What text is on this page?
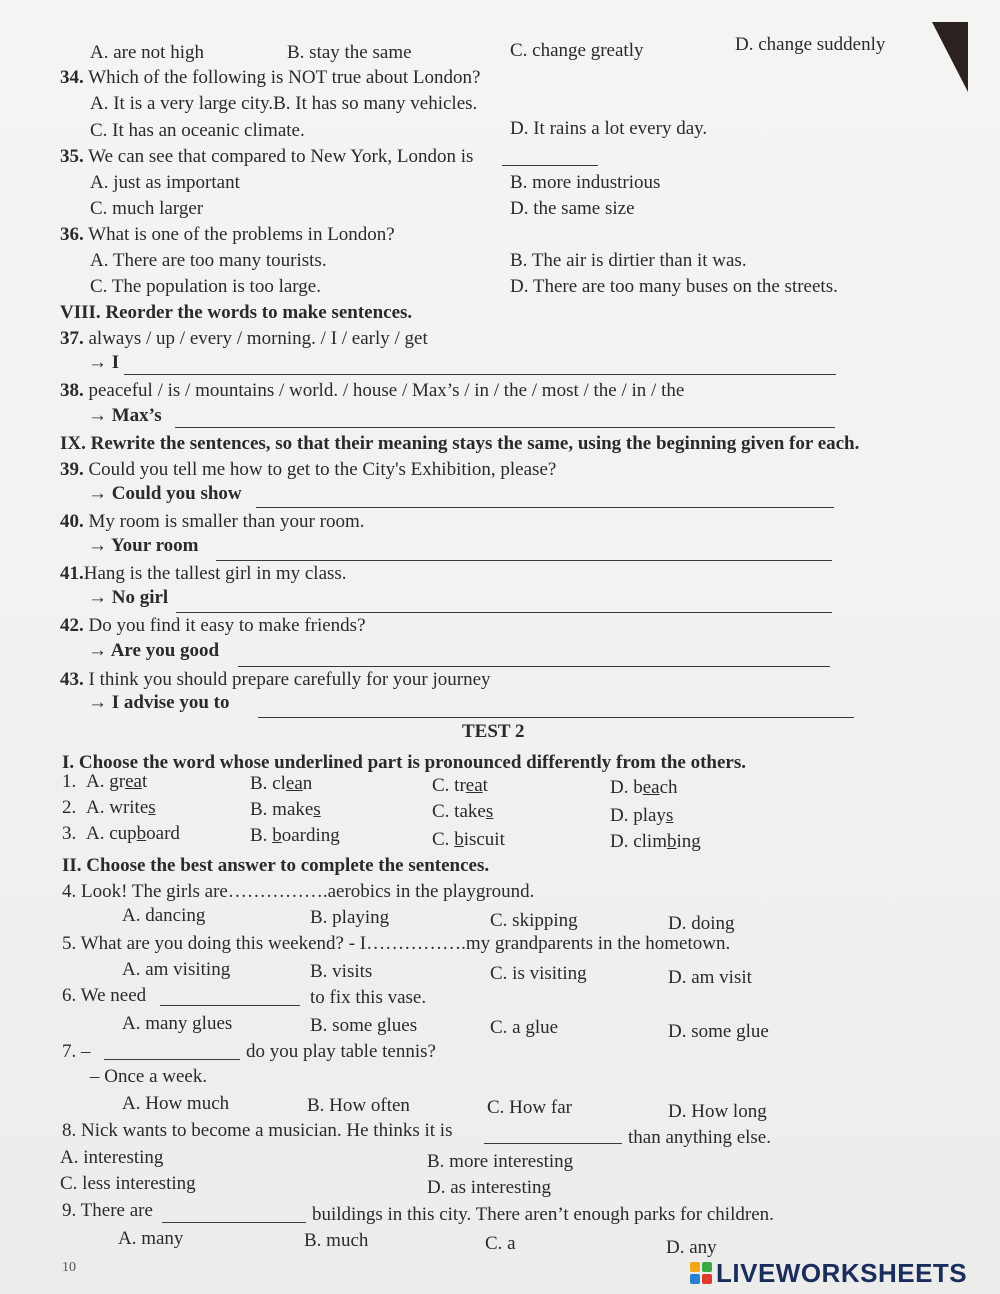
A. are not high	B. stay the same	C. change greatly	D. change suddenly
34. Which of the following is NOT true about London?
A. It is a very large city.B. It has so many vehicles.
C. It has an oceanic climate.	D. It rains a lot every day.
35. We can see that compared to New York, London is
A. just as important	B. more industrious
C. much larger	D. the same size
36. What is one of the problems in London?
A. There are too many tourists.	B. The air is dirtier than it was.
C. The population is too large.	D. There are too many buses on the streets.
VIII. Reorder the words to make sentences.
37. always / up / every / morning. / I / early / get
→ I
38. peaceful / is / mountains / world. / house / Max’s / in / the / most / the / in / the
→ Max’s
IX. Rewrite the sentences, so that their meaning stays the same, using the beginning given for each.
39. Could you tell me how to get to the City's Exhibition, please?
→ Could you show
40. My room is smaller than your room.
→ Your room
41.Hang is the tallest girl in my class.
→ No girl
42. Do you find it easy to make friends?
→ Are you good
43. I think you should prepare carefully for your journey
→ I advise you to
TEST 2
I. Choose the word whose underlined part is pronounced differently from the others.
1. A. great	B. clean	C. treat	D. beach
2. A. writes	B. makes	C. takes	D. plays
3. A. cupboard	B. boarding	C. biscuit	D. climbing
II. Choose the best answer to complete the sentences.
4. Look! The girls are…………….aerobics in the playground.
A. dancing	B. playing	C. skipping	D. doing
5. What are you doing this weekend? - I…………….my grandparents in the hometown.
A. am visiting	B. visits	C. is visiting	D. am visit
6. We need	to fix this vase.
A. many glues	B. some glues	C. a glue	D. some glue
7. –	do you play table tennis?
– Once a week.
A. How much	B. How often	C. How far	D. How long
8. Nick wants to become a musician. He thinks it is	than anything else.
A. interesting	B. more interesting
C. less interesting	D. as interesting
9. There are	buildings in this city. There aren’t enough parks for children.
A. many	B. much	C. a	D. any
10	LIVEWORKSHEETS
